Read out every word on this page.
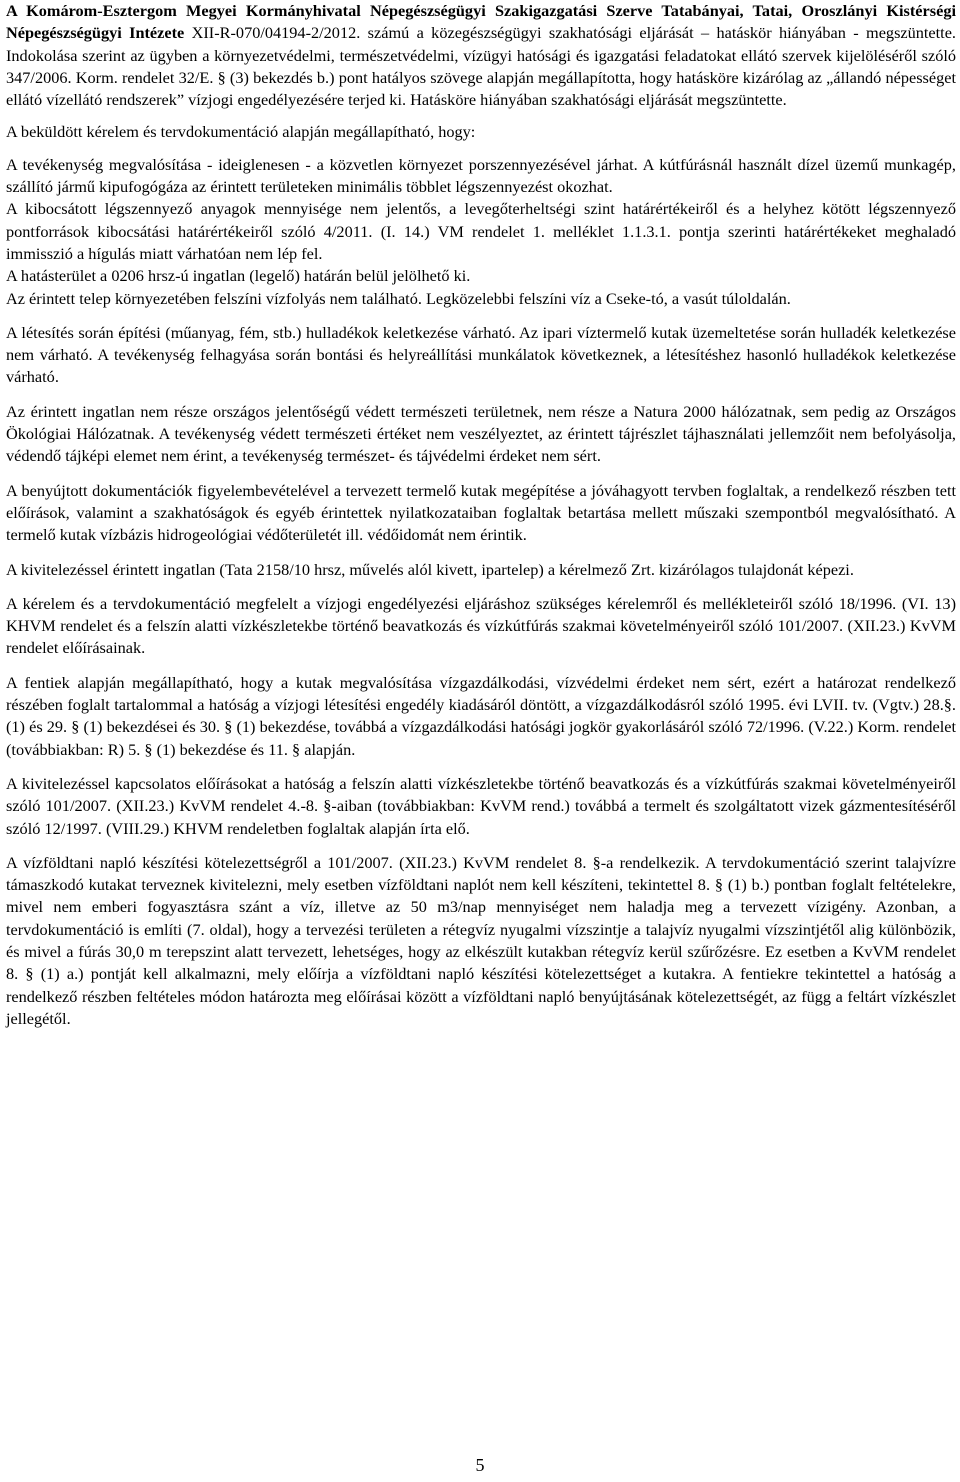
A Komárom-Esztergom Megyei Kormányhivatal Népegészségügyi Szakigazgatási Szerve Tatabányai, Tatai, Oroszlányi Kistérségi Népegészségügyi Intézete XII-R-070/04194-2/2012. számú a közegészségügyi szakhatósági eljárását – hatáskör hiányában - megszüntette. Indokolása szerint az ügyben a környezetvédelmi, természetvédelmi, vízügyi hatósági és igazgatási feladatokat ellátó szervek kijelöléséről szóló 347/2006. Korm. rendelet 32/E. § (3) bekezdés b.) pont hatályos szövege alapján megállapította, hogy hatásköre kizárólag az „állandó népességet ellátó vízellátó rendszerek” vízjogi engedélyezésére terjed ki. Hatásköre hiányában szakhatósági eljárását megszüntette.

A beküldött kérelem és tervdokumentáció alapján megállapítható, hogy:

A tevékenység megvalósítása - ideiglenesen - a közvetlen környezet porszennyezésével járhat. A kútfúrásnál használt dízel üzemű munkagép, szállító jármű kipufogógáza az érintett területeken minimális többlet légszennyezést okozhat.

A kibocsátott légszennyező anyagok mennyisége nem jelentős, a levegőterheltségi szint határértékeiről és a helyhez kötött légszennyező pontforrások kibocsátási határértékeiről szóló 4/2011. (I. 14.) VM rendelet 1. melléklet 1.1.3.1. pontja szerinti határértékeket meghaladó immisszió a hígulás miatt várhatóan nem lép fel.

A hatásterület a 0206 hrsz-ú ingatlan (legelő) határán belül jelölhető ki.

Az érintett telep környezetében felszíni vízfolyás nem található. Legközelebbi felszíni víz a Cseke-tó, a vasút túloldalán.

A létesítés során építési (műanyag, fém, stb.) hulladékok keletkezése várható. Az ipari víztermelő kutak üzemeltetése során hulladék keletkezése nem várható. A tevékenység felhagyása során bontási és helyreállítási munkálatok következnek, a létesítéshez hasonló hulladékok keletkezése várható.

Az érintett ingatlan nem része országos jelentőségű védett természeti területnek, nem része a Natura 2000 hálózatnak, sem pedig az Országos Ökológiai Hálózatnak. A tevékenység védett természeti értéket nem veszélyeztet, az érintett tájrészlet tájhasználati jellemzőit nem befolyásolja, védendő tájképi elemet nem érint, a tevékenység természet- és tájvédelmi érdeket nem sért.

A benyújtott dokumentációk figyelembevételével a tervezett termelő kutak megépítése a jóváhagyott tervben foglaltak, a rendelkező részben tett előírások, valamint a szakhatóságok és egyéb érintettek nyilatkozataiban foglaltak betartása mellett műszaki szempontból megvalósítható. A termelő kutak vízbázis hidrogeológiai védőterületét ill. védőidomát nem érintik.

A kivitelezéssel érintett ingatlan (Tata 2158/10 hrsz, művelés alól kivett, ipartelep) a kérelmező Zrt. kizárólagos tulajdonát képezi.

A kérelem és a tervdokumentáció megfelelt a vízjogi engedélyezési eljáráshoz szükséges kérelemről és mellékleteiről szóló 18/1996. (VI. 13) KHVM rendelet és a felszín alatti vízkészletekbe történő beavatkozás és vízkútfúrás szakmai követelményeiről szóló 101/2007. (XII.23.) KvVM rendelet előírásainak.

A fentiek alapján megállapítható, hogy a kutak megvalósítása vízgazdálkodási, vízvédelmi érdeket nem sért, ezért a határozat rendelkező részében foglalt tartalommal a hatóság a vízjogi létesítési engedély kiadásáról döntött, a vízgazdálkodásról szóló 1995. évi LVII. tv. (Vgtv.) 28.§. (1) és 29. § (1) bekezdései és 30. § (1) bekezdése, továbbá a vízgazdálkodási hatósági jogkör gyakorlásáról szóló 72/1996. (V.22.) Korm. rendelet (továbbiakban: R) 5. § (1) bekezdése és 11. § alapján.

A kivitelezéssel kapcsolatos előírásokat a hatóság a felszín alatti vízkészletekbe történő beavatkozás és a vízkútfúrás szakmai követelményeiről szóló 101/2007. (XII.23.) KvVM rendelet 4.-8. §-aiban (továbbiakban: KvVM rend.) továbbá a termelt és szolgáltatott vizek gázmentesítéséről szóló 12/1997. (VIII.29.) KHVM rendeletben foglaltak alapján írta elő.

A vízföldtani napló készítési kötelezettségről a 101/2007. (XII.23.) KvVM rendelet 8. §-a rendelkezik. A tervdokumentáció szerint talajvízre támaszkodó kutakat terveznek kivitelezni, mely esetben vízföldtani naplót nem kell készíteni, tekintettel 8. § (1) b.) pontban foglalt feltételekre, mivel nem emberi fogyasztásra szánt a víz, illetve az 50 m3/nap mennyiséget nem haladja meg a tervezett vízigény. Azonban, a tervdokumentáció is említi (7. oldal), hogy a tervezési területen a rétegvíz nyugalmi vízszintje a talajvíz nyugalmi vízszintjétől alig különbözik, és mivel a fúrás 30,0 m terepszint alatt tervezett, lehetséges, hogy az elkészült kutakban rétegvíz kerül szűrőzésre. Ez esetben a KvVM rendelet 8. § (1) a.) pontját kell alkalmazni, mely előírja a vízföldtani napló készítési kötelezettséget a kutakra. A fentiekre tekintettel a hatóság a rendelkező részben feltételes módon határozta meg előírásai között a vízföldtani napló benyújtásának kötelezettségét, az függ a feltárt vízkészlet jellegétől.

5
